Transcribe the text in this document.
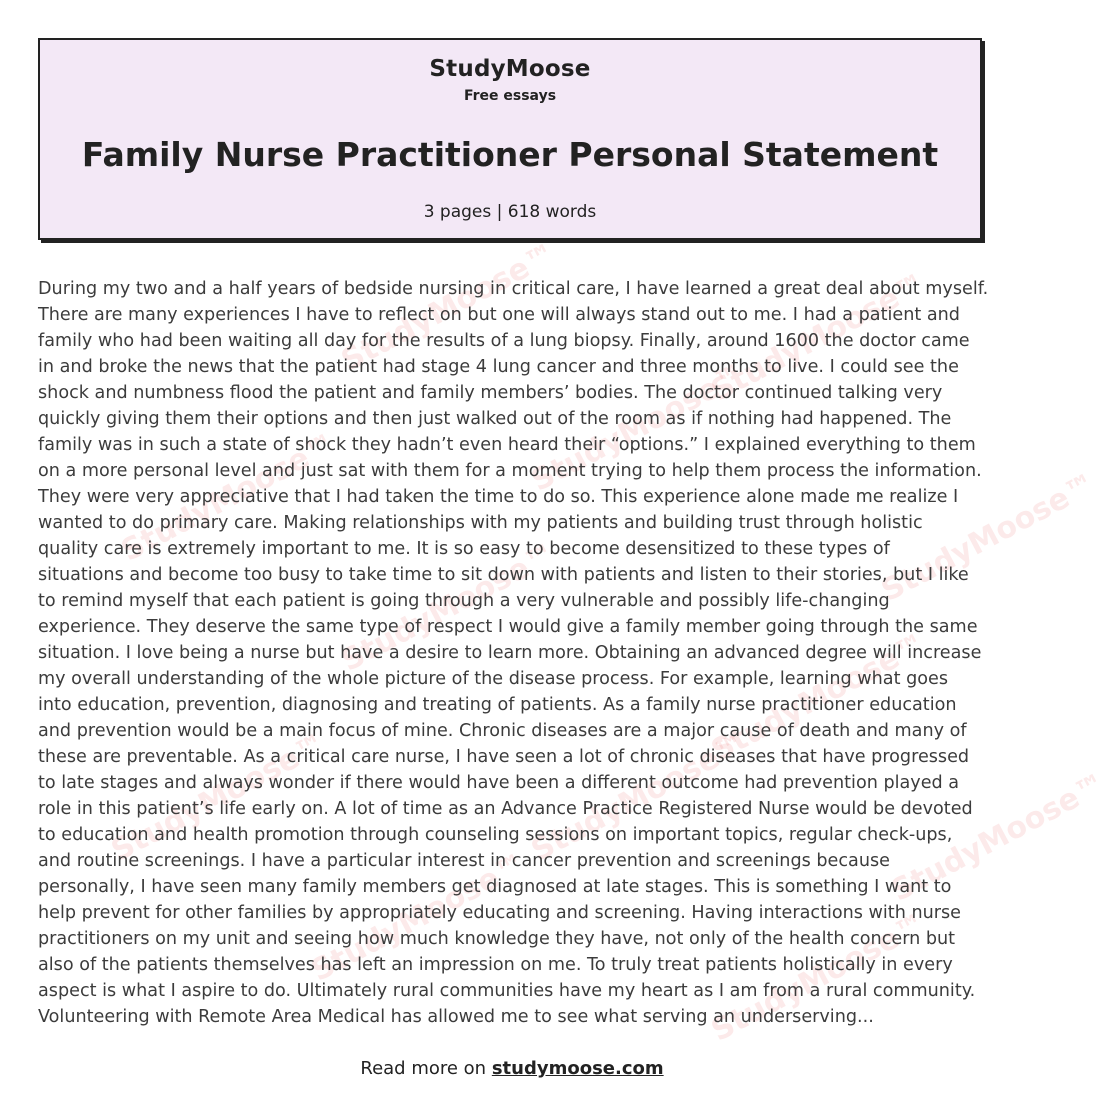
StudyMoose
Free essays
Family Nurse Practitioner Personal Statement
3 pages | 618 words
StudyMoose™	StudyMoose™
StudyMoose™	StudyMoose™
StudyMoose™
StudyMoose™
StudyMoose™
StudyMoose™	StudyMoose™	StudyMoose™
StudyMoose™	StudyMoose™
During my two and a half years of bedside nursing in critical care, I have learned a great deal about myself.
There are many experiences I have to reflect on but one will always stand out to me. I had a patient and
family who had been waiting all day for the results of a lung biopsy. Finally, around 1600 the doctor came
in and broke the news that the patient had stage 4 lung cancer and three months to live. I could see the
shock and numbness flood the patient and family members’ bodies. The doctor continued talking very
quickly giving them their options and then just walked out of the room as if nothing had happened. The
family was in such a state of shock they hadn’t even heard their “options.” I explained everything to them
on a more personal level and just sat with them for a moment trying to help them process the information.
They were very appreciative that I had taken the time to do so. This experience alone made me realize I
wanted to do primary care. Making relationships with my patients and building trust through holistic
quality care is extremely important to me. It is so easy to become desensitized to these types of
situations and become too busy to take time to sit down with patients and listen to their stories, but I like
to remind myself that each patient is going through a very vulnerable and possibly life-changing
experience. They deserve the same type of respect I would give a family member going through the same
situation. I love being a nurse but have a desire to learn more. Obtaining an advanced degree will increase
my overall understanding of the whole picture of the disease process. For example, learning what goes
into education, prevention, diagnosing and treating of patients. As a family nurse practitioner education
and prevention would be a main focus of mine. Chronic diseases are a major cause of death and many of
these are preventable. As a critical care nurse, I have seen a lot of chronic diseases that have progressed
to late stages and always wonder if there would have been a different outcome had prevention played a
role in this patient’s life early on. A lot of time as an Advance Practice Registered Nurse would be devoted
to education and health promotion through counseling sessions on important topics, regular check-ups,
and routine screenings. I have a particular interest in cancer prevention and screenings because
personally, I have seen many family members get diagnosed at late stages. This is something I want to
help prevent for other families by appropriately educating and screening. Having interactions with nurse
practitioners on my unit and seeing how much knowledge they have, not only of the health concern but
also of the patients themselves has left an impression on me. To truly treat patients holistically in every
aspect is what I aspire to do. Ultimately rural communities have my heart as I am from a rural community.
Volunteering with Remote Area Medical has allowed me to see what serving an underserving...
Read more on studymoose.com
